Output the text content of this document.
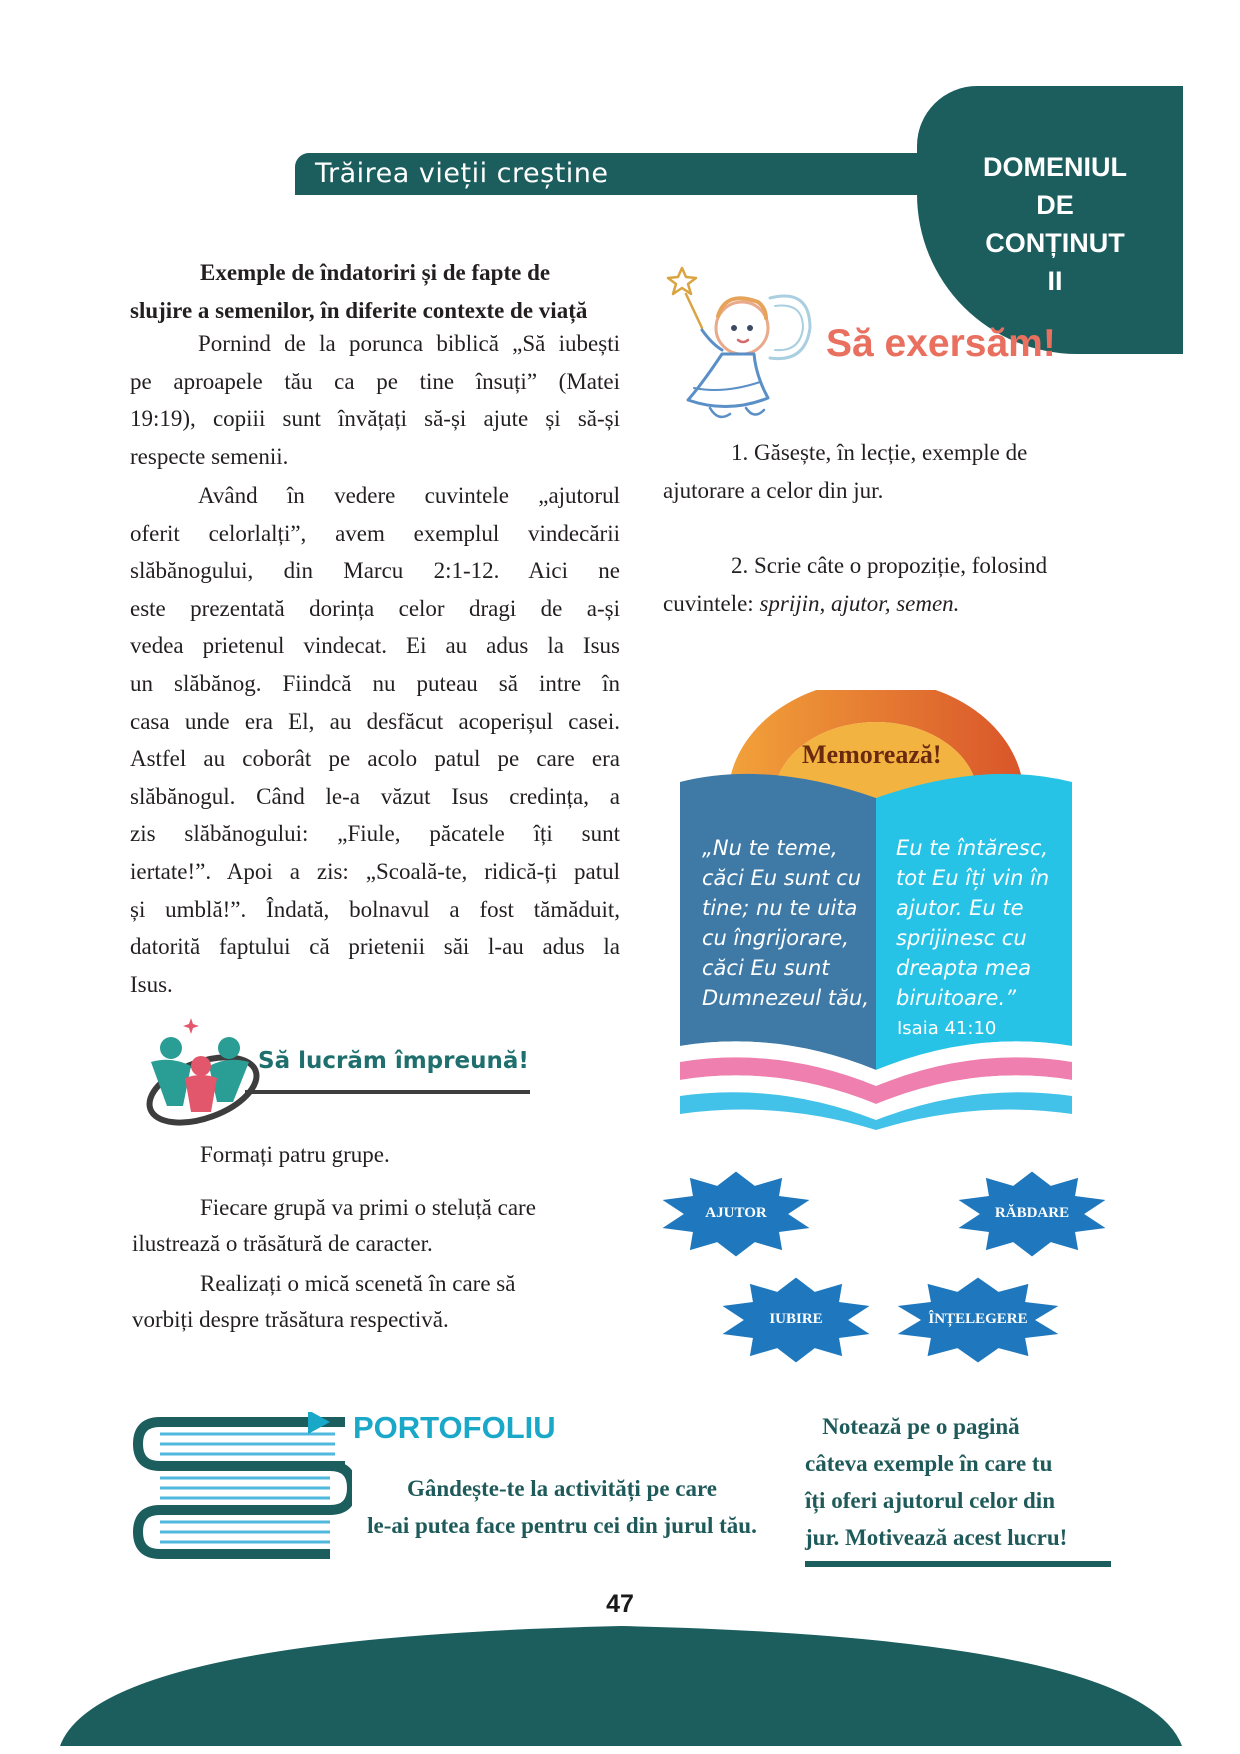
DOMENIUL
DE
CONȚINUT
II
Trăirea vieții creștine
Exemple de îndatoriri și de fapte de
slujire a semenilor, în diferite contexte de viață
Pornind de la porunca biblică „Să iubești
pe aproapele tău ca pe tine însuți” (Matei
19:19), copiii sunt învățați să-și ajute și să-și
respecte semenii.
Având în vedere cuvintele „ajutorul
oferit celorlalți”, avem exemplul vindecării
slăbănogului, din Marcu 2:1-12. Aici ne
este prezentată dorința celor dragi de a-și
vedea prietenul vindecat. Ei au adus la Isus
un slăbănog. Fiindcă nu puteau să intre în
casa unde era El, au desfăcut acoperișul casei.
Astfel au coborât pe acolo patul pe care era
slăbănogul. Când le-a văzut Isus credința, a
zis slăbănogului: „Fiule, păcatele îți sunt
iertate!”. Apoi a zis: „Scoală-te, ridică-ți patul
și umblă!”. Îndată, bolnavul a fost tămăduit,
datorită faptului că prietenii săi l-au adus la
Isus.
Să exersăm!
1. Găsește, în lecție, exemple de
ajutorare a celor din jur.
2. Scrie câte o propoziție, folosind
cuvintele: sprijin, ajutor, semen.
Memorează!
„Nu te teme,
căci Eu sunt cu
tine; nu te uita
cu îngrijorare,
căci Eu sunt
Dumnezeul tău,
Eu te întăresc,
tot Eu îți vin în
ajutor. Eu te
sprijinesc cu
dreapta mea
biruitoare.”
Isaia 41:10
Să lucrăm împreună!
Formați patru grupe.
Fiecare grupă va primi o steluță care
ilustrează o trăsătură de caracter.
Realizați o mică scenetă în care să
vorbiți despre trăsătura respectivă.
AJUTOR	RĂBDARE
IUBIRE	ÎNȚELEGERE
PORTOFOLIU
Gândește-te la activități pe care
le-ai putea face pentru cei din jurul tău.
Notează pe o pagină
câteva exemple în care tu
îți oferi ajutorul celor din
jur. Motivează acest lucru!
47
